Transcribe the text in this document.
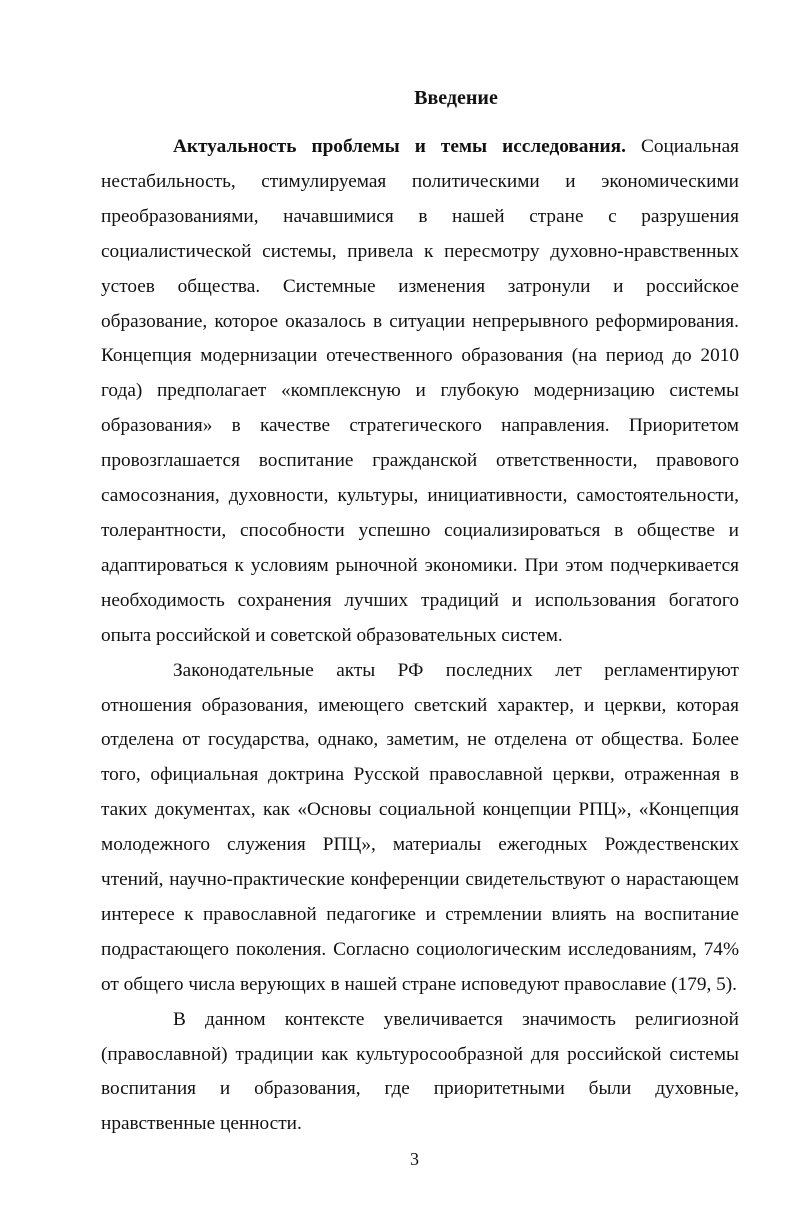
Введение

Актуальность проблемы и темы исследования. Социальная нестабильность, стимулируемая политическими и экономическими преобразованиями, начавшимися в нашей стране с разрушения социалистической системы, привела к пересмотру духовно-нравственных устоев общества. Системные изменения затронули и российское образование, которое оказалось в ситуации непрерывного реформирования. Концепция модернизации отечественного образования (на период до 2010 года) предполагает «комплексную и глубокую модернизацию системы образования» в качестве стратегического направления. Приоритетом провозглашается воспитание гражданской ответственности, правового самосознания, духовности, культуры, инициативности, самостоятельности, толерантности, способности успешно социализироваться в обществе и адаптироваться к условиям рыночной экономики. При этом подчеркивается необходимость сохранения лучших традиций и использования богатого опыта российской и советской образовательных систем.

Законодательные акты РФ последних лет регламентируют отношения образования, имеющего светский характер, и церкви, которая отделена от государства, однако, заметим, не отделена от общества. Более того, официальная доктрина Русской православной церкви, отраженная в таких документах, как «Основы социальной концепции РПЦ», «Концепция молодежного служения РПЦ», материалы ежегодных Рождественских чтений, научно-практические конференции свидетельствуют о нарастающем интересе к православной педагогике и стремлении влиять на воспитание подрастающего поколения. Согласно социологическим исследованиям, 74% от общего числа верующих в нашей стране исповедуют православие (179, 5).

В данном контексте увеличивается значимость религиозной (православной) традиции как культуросообразной для российской системы воспитания и образования, где приоритетными были духовные, нравственные ценности.

3
